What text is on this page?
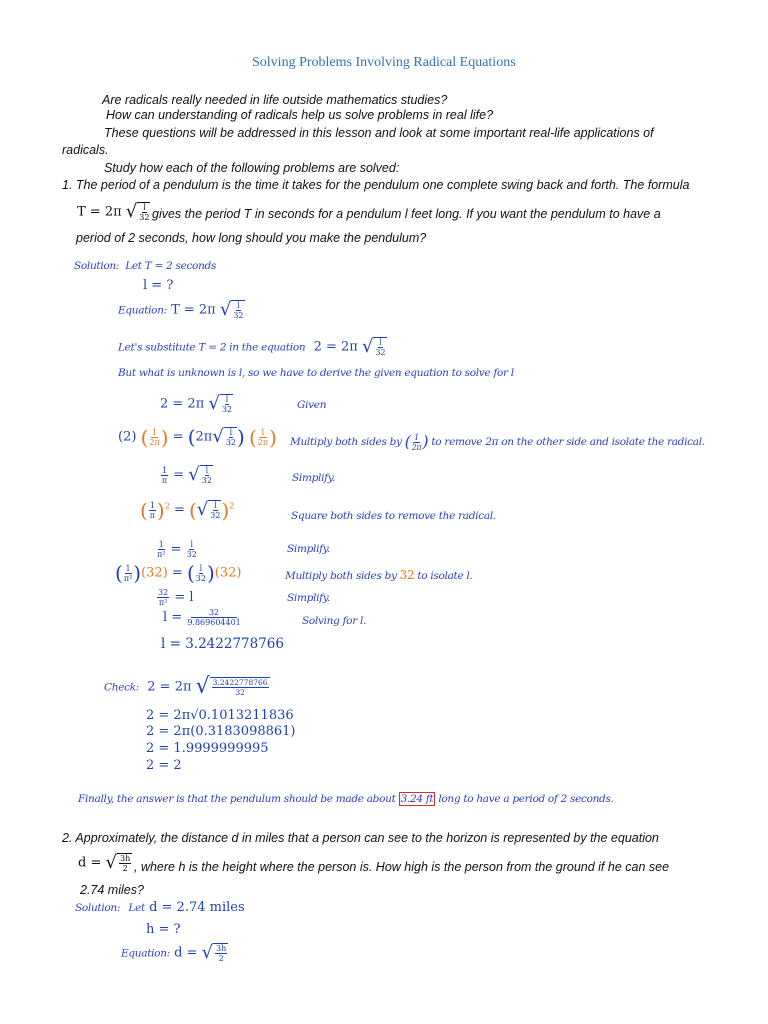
Solving Problems Involving Radical Equations
Are radicals really needed in life outside mathematics studies?
How can understanding of radicals help us solve problems in real life?
These questions will be addressed in this lesson and look at some important real-life applications of
radicals.
Study how each of the following problems are solved:
1. The period of a pendulum is the time it takes for the pendulum one complete swing back and forth. The formula
T = 2π √ $\frac{l}{32}$ gives the period T in seconds for a pendulum l feet long. If you want the pendulum to have a
period of 2 seconds, how long should you make the pendulum?
Solution: Let T = 2 seconds
l = ?
Equation: T = 2π √ $\frac{l}{32}$
Let's substitute T = 2 in the equation 2 = 2π √ $\frac{l}{32}$
But what is unknown is l, so we have to derive the given equation to solve for l
2 = 2π √ $\frac{l}{32}$	Given
(2) ( $\frac{1}{2\pi}$ ) = (2π √ $\frac{l}{32}$ ) ( $\frac{1}{2\pi}$ ) Multiply both sides by ( $\frac{1}{2\pi}$ ) to remove 2π on the other side and isolate the radical.
$\frac{1}{\pi}$ = √ $\frac{l}{32}$	Simplify.
( $\frac{1}{\pi} )^2$ = ( √ $\frac{l}{32} )^2$
Square both sides to remove the radical.
$\frac{1}{\text{π²}} = \frac{l}{32}$	Simplify.
( $\frac{1}{\text{π²}} )(32)$ = ( $\frac{l}{32} )(32)$	Multiply both sides by 32 to isolate l.
$\frac{32}{\text{π²}} = l$	Simplify.
$l = \frac{32}{9.869604401}$	Solving for l.
l = 3.2422778766
Check:  2 = 2π √ $\frac{3.2422778766}{32}$
2 = 2π√0.1013211836
2 = 2π(0.3183098861)
2 = 1.9999999995
2 = 2
Finally, the answer is that the pendulum should be made about 3.24 ft long to have a period of 2 seconds.
2. Approximately, the distance d in miles that a person can see to the horizon is represented by the equation
d = √ $\frac{3h}{2}$ , where h is the height where the person is. How high is the person from the ground if he can see
2.74 miles?
Solution: Let d = 2.74 miles
h = ?
Equation: d = √ $\frac{3h}{2}$
